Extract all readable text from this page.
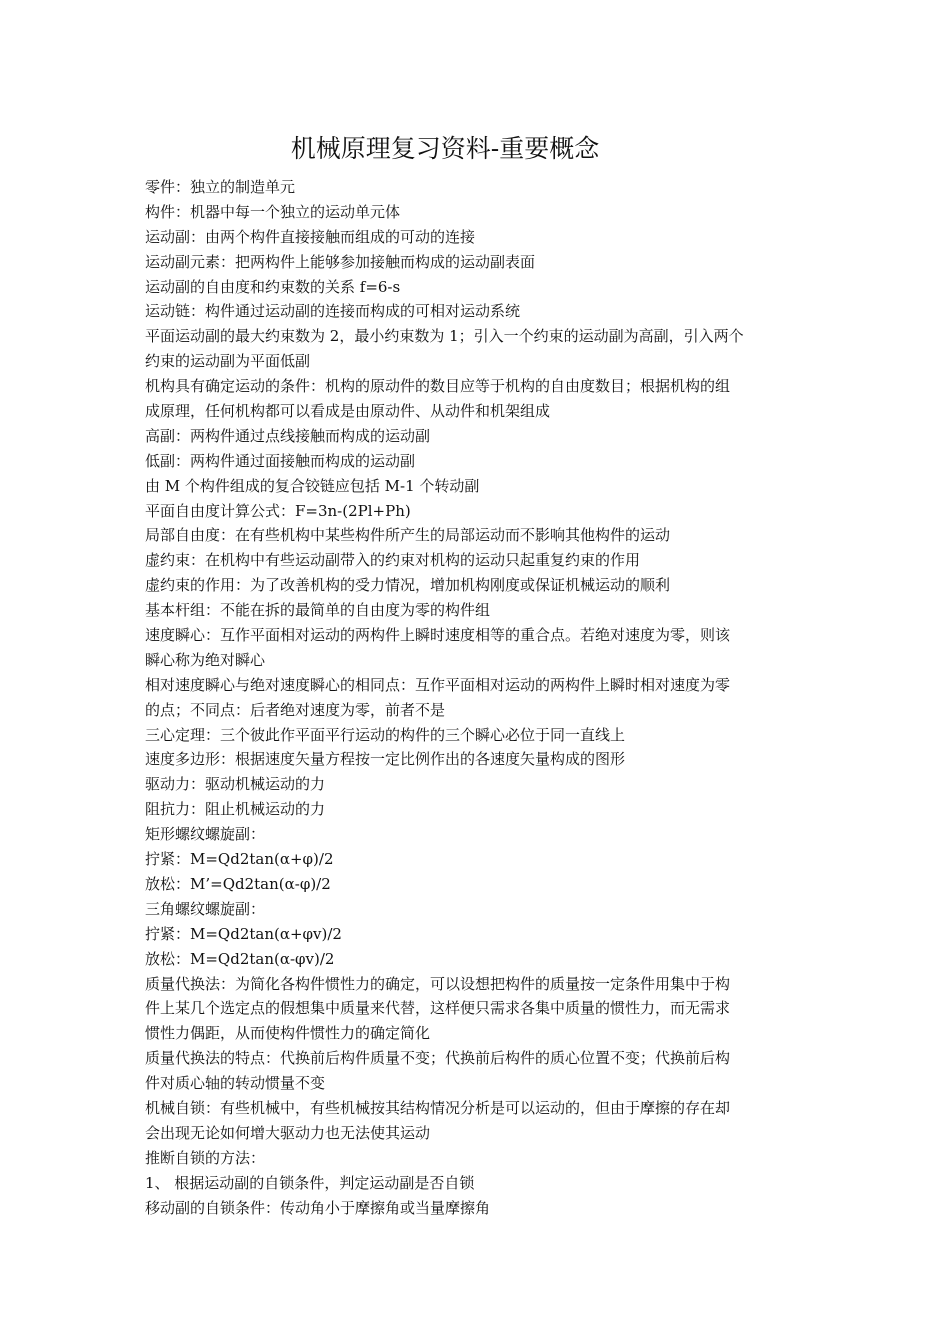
机械原理复习资料-重要概念
零件：独立的制造单元
构件：机器中每一个独立的运动单元体
运动副：由两个构件直接接触而组成的可动的连接
运动副元素：把两构件上能够参加接触而构成的运动副表面
运动副的自由度和约束数的关系 f=6-s
运动链：构件通过运动副的连接而构成的可相对运动系统
平面运动副的最大约束数为 2，最小约束数为 1；引入一个约束的运动副为高副，引入两个
约束的运动副为平面低副
机构具有确定运动的条件：机构的原动件的数目应等于机构的自由度数目；根据机构的组
成原理，任何机构都可以看成是由原动件、从动件和机架组成
高副：两构件通过点线接触而构成的运动副
低副：两构件通过面接触而构成的运动副
由 M 个构件组成的复合铰链应包括 M-1 个转动副
平面自由度计算公式：F=3n-(2Pl+Ph)
局部自由度：在有些机构中某些构件所产生的局部运动而不影响其他构件的运动
虚约束：在机构中有些运动副带入的约束对机构的运动只起重复约束的作用
虚约束的作用：为了改善机构的受力情况，增加机构刚度或保证机械运动的顺利
基本杆组：不能在拆的最简单的自由度为零的构件组
速度瞬心：互作平面相对运动的两构件上瞬时速度相等的重合点。若绝对速度为零，则该
瞬心称为绝对瞬心
相对速度瞬心与绝对速度瞬心的相同点：互作平面相对运动的两构件上瞬时相对速度为零
的点；不同点：后者绝对速度为零，前者不是
三心定理：三个彼此作平面平行运动的构件的三个瞬心必位于同一直线上
速度多边形：根据速度矢量方程按一定比例作出的各速度矢量构成的图形
驱动力：驱动机械运动的力
阻抗力：阻止机械运动的力
矩形螺纹螺旋副：
拧紧：M=Qd2tan(α+φ)/2
放松：M’=Qd2tan(α-φ)/2
三角螺纹螺旋副：
拧紧：M=Qd2tan(α+φv)/2
放松：M=Qd2tan(α-φv)/2
质量代换法：为简化各构件惯性力的确定，可以设想把构件的质量按一定条件用集中于构
件上某几个选定点的假想集中质量来代替，这样便只需求各集中质量的惯性力，而无需求
惯性力偶距，从而使构件惯性力的确定简化
质量代换法的特点：代换前后构件质量不变；代换前后构件的质心位置不变；代换前后构
件对质心轴的转动惯量不变
机械自锁：有些机械中，有些机械按其结构情况分析是可以运动的，但由于摩擦的存在却
会出现无论如何增大驱动力也无法使其运动
推断自锁的方法：
1、 根据运动副的自锁条件，判定运动副是否自锁
移动副的自锁条件：传动角小于摩擦角或当量摩擦角
